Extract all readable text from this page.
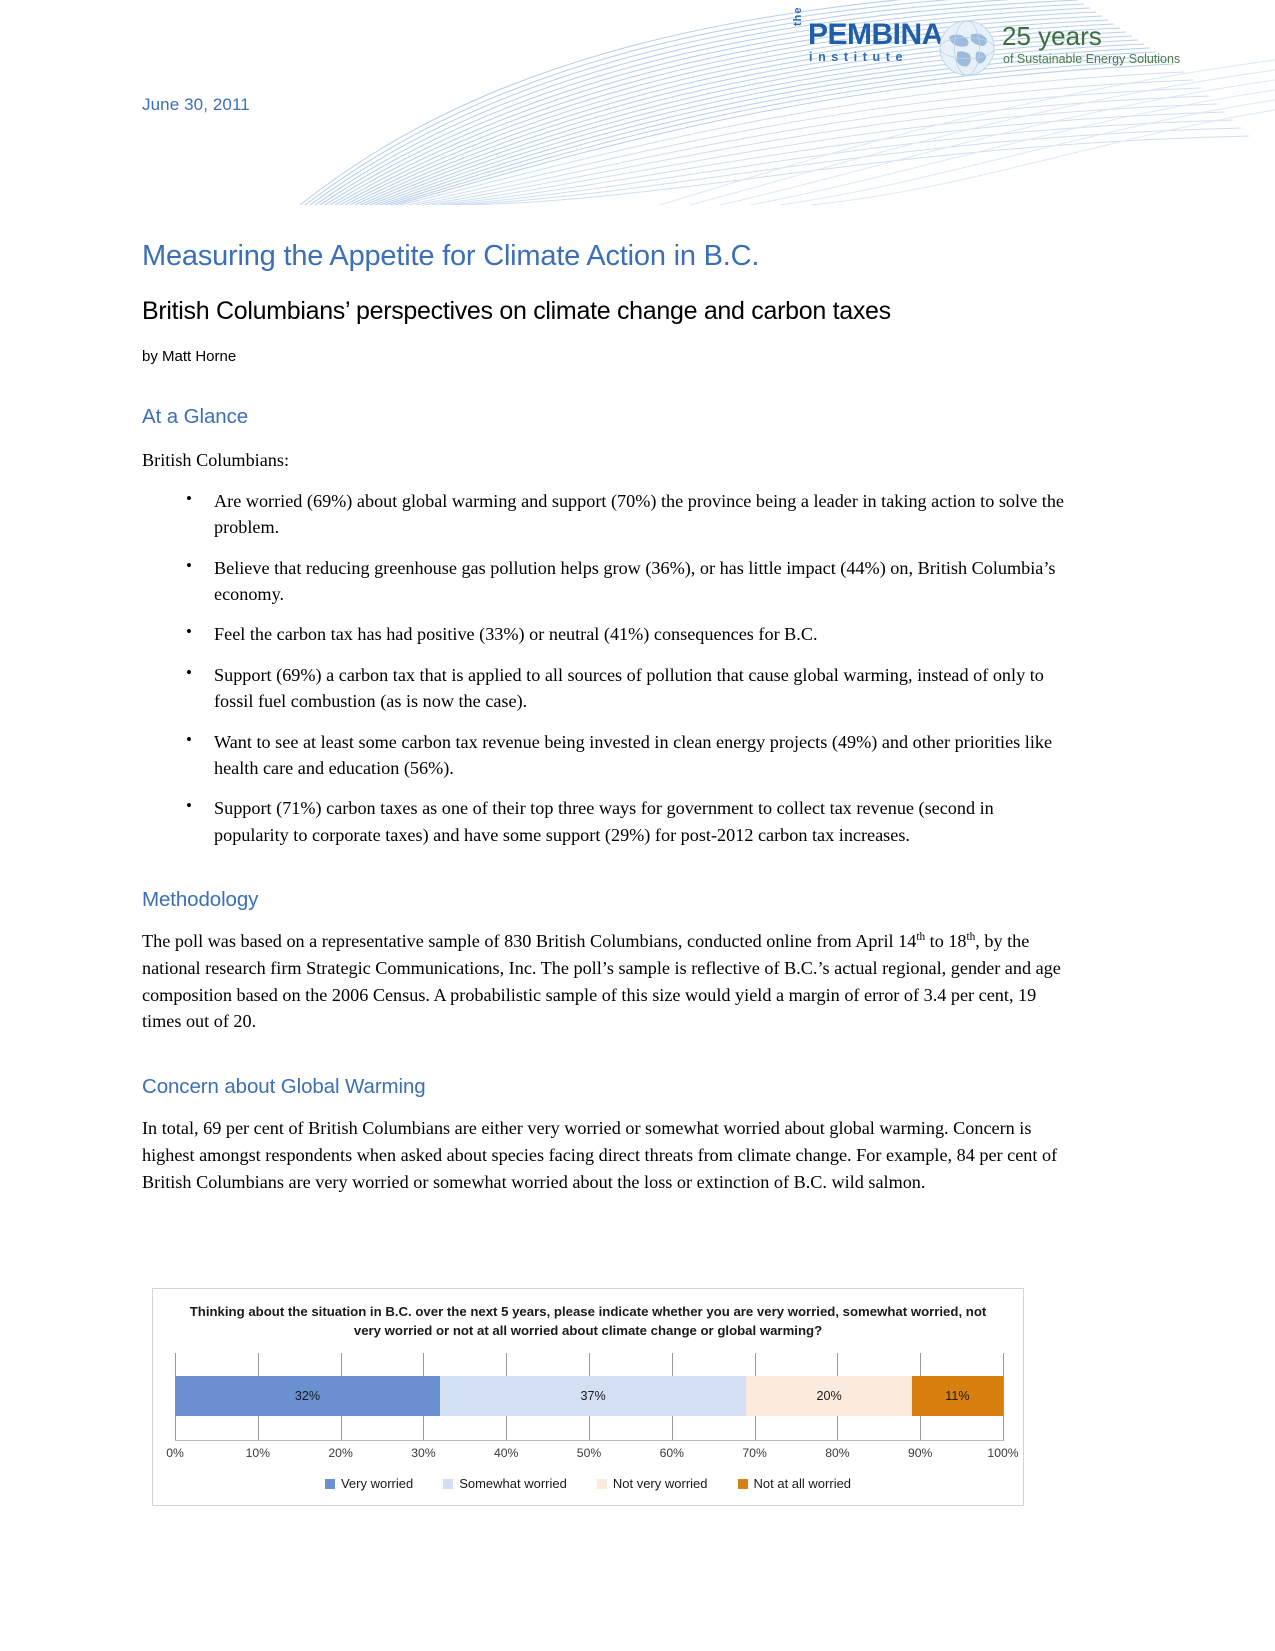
the
PEMBINA
institute
25 years
of Sustainable Energy Solutions
June 30, 2011
Measuring the Appetite for Climate Action in B.C.
British Columbians’ perspectives on climate change and carbon taxes

by Matt Horne

At a Glance

British Columbians:

• Are worried (69%) about global warming and support (70%) the province being a leader in taking action to solve the problem.
• Believe that reducing greenhouse gas pollution helps grow (36%), or has little impact (44%) on, British Columbia’s economy.
• Feel the carbon tax has had positive (33%) or neutral (41%) consequences for B.C.
• Support (69%) a carbon tax that is applied to all sources of pollution that cause global warming, instead of only to fossil fuel combustion (as is now the case).
• Want to see at least some carbon tax revenue being invested in clean energy projects (49%) and other priorities like health care and education (56%).
• Support (71%) carbon taxes as one of their top three ways for government to collect tax revenue (second in popularity to corporate taxes) and have some support (29%) for post-2012 carbon tax increases.
Methodology

The poll was based on a representative sample of 830 British Columbians, conducted online from April 14th to 18th, by the national research firm Strategic Communications, Inc. The poll’s sample is reflective of B.C.’s actual regional, gender and age composition based on the 2006 Census. A probabilistic sample of this size would yield a margin of error of 3.4 per cent, 19 times out of 20.

Concern about Global Warming

In total, 69 per cent of British Columbians are either very worried or somewhat worried about global warming. Concern is highest amongst respondents when asked about species facing direct threats from climate change. For example, 84 per cent of British Columbians are very worried or somewhat worried about the loss or extinction of B.C. wild salmon.

Thinking about the situation in B.C. over the next 5 years, please indicate whether you are very worried, somewhat worried, not very worried or not at all worried about climate change or global warming?
32%	37%	20%	11%
0%	10%	20%	30%	40%	50%	60%	70%	80%	90%	100%
Very worried	Somewhat worried	Not very worried	Not at all worried
